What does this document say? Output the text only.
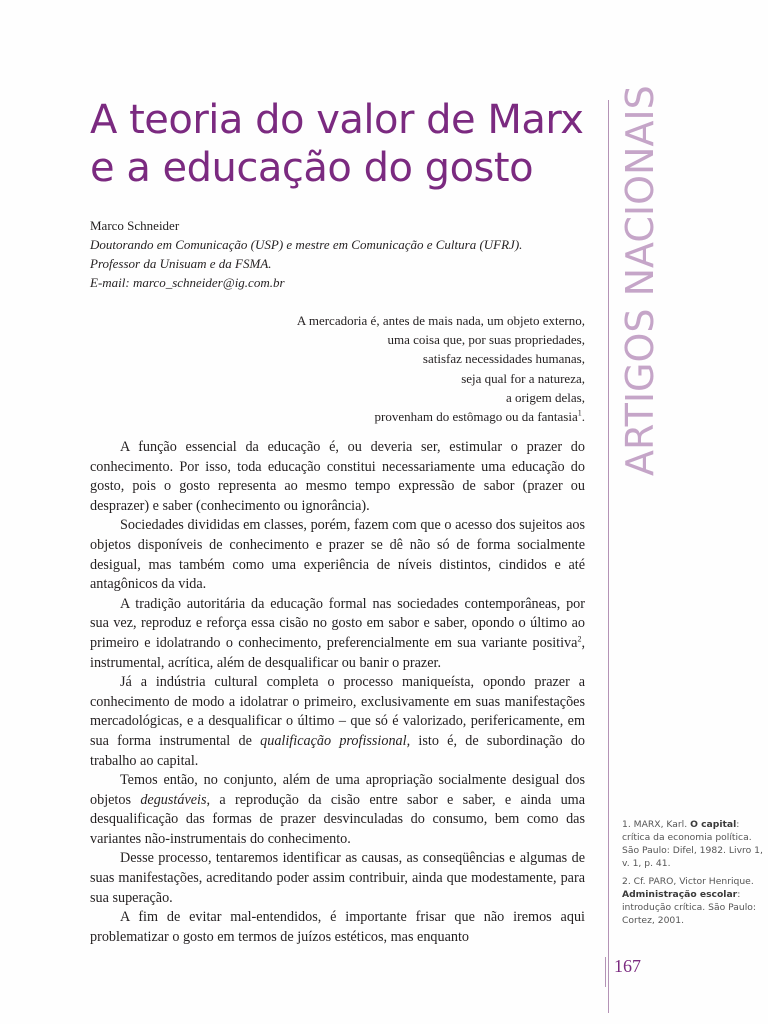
A teoria do valor de Marx
e a educação do gosto
Marco Schneider
Doutorando em Comunicação (USP) e mestre em Comunicação e Cultura (UFRJ).
Professor da Unisuam e da FSMA.
E-mail: marco_schneider@ig.com.br
A mercadoria é, antes de mais nada, um objeto externo,
uma coisa que, por suas propriedades,
satisfaz necessidades humanas,
seja qual for a natureza,
a origem delas,
provenham do estômago ou da fantasia$^1$.

A função essencial da educação é, ou deveria ser, estimular o prazer do conhecimento. Por isso, toda educação constitui necessariamente uma educação do gosto, pois o gosto representa ao mesmo tempo expressão de sabor (prazer ou desprazer) e saber (conhecimento ou ignorância).

Sociedades divididas em classes, porém, fazem com que o acesso dos sujeitos aos objetos disponíveis de conhecimento e prazer se dê não só de forma socialmente desigual, mas também como uma experiência de níveis distintos, cindidos e até antagônicos da vida.

A tradição autoritária da educação formal nas sociedades contemporâneas, por sua vez, reproduz e reforça essa cisão no gosto em sabor e saber, opondo o último ao primeiro e idolatrando o conhecimento, preferencialmente em sua variante positiva$^2$, instrumental, acrítica, além de desqualificar ou banir o prazer.

Já a indústria cultural completa o processo maniqueísta, opondo prazer a conhecimento de modo a idolatrar o primeiro, exclusivamente em suas manifestações mercadológicas, e a desqualificar o último – que só é valorizado, perifericamente, em sua forma instrumental de qualificação profissional, isto é, de subordinação do trabalho ao capital.

Temos então, no conjunto, além de uma apropriação socialmente desigual dos objetos degustáveis, a reprodução da cisão entre sabor e saber, e ainda uma desqualificação das formas de prazer desvinculadas do consumo, bem como das variantes não-instrumentais do conhecimento.

Desse processo, tentaremos identificar as causas, as conseqüências e algumas de suas manifestações, acreditando poder assim contribuir, ainda que modestamente, para sua superação.

A fim de evitar mal-entendidos, é importante frisar que não iremos aqui problematizar o gosto em termos de juízos estéticos, mas enquanto

ARTIGOS NACIONAIS
1. MARX, Karl. O capital: crítica da economia política. São Paulo: Difel, 1982. Livro 1, v. 1, p. 41.
2. Cf. PARO, Victor Henrique. Administração escolar: introdução crítica. São Paulo: Cortez, 2001.
167
